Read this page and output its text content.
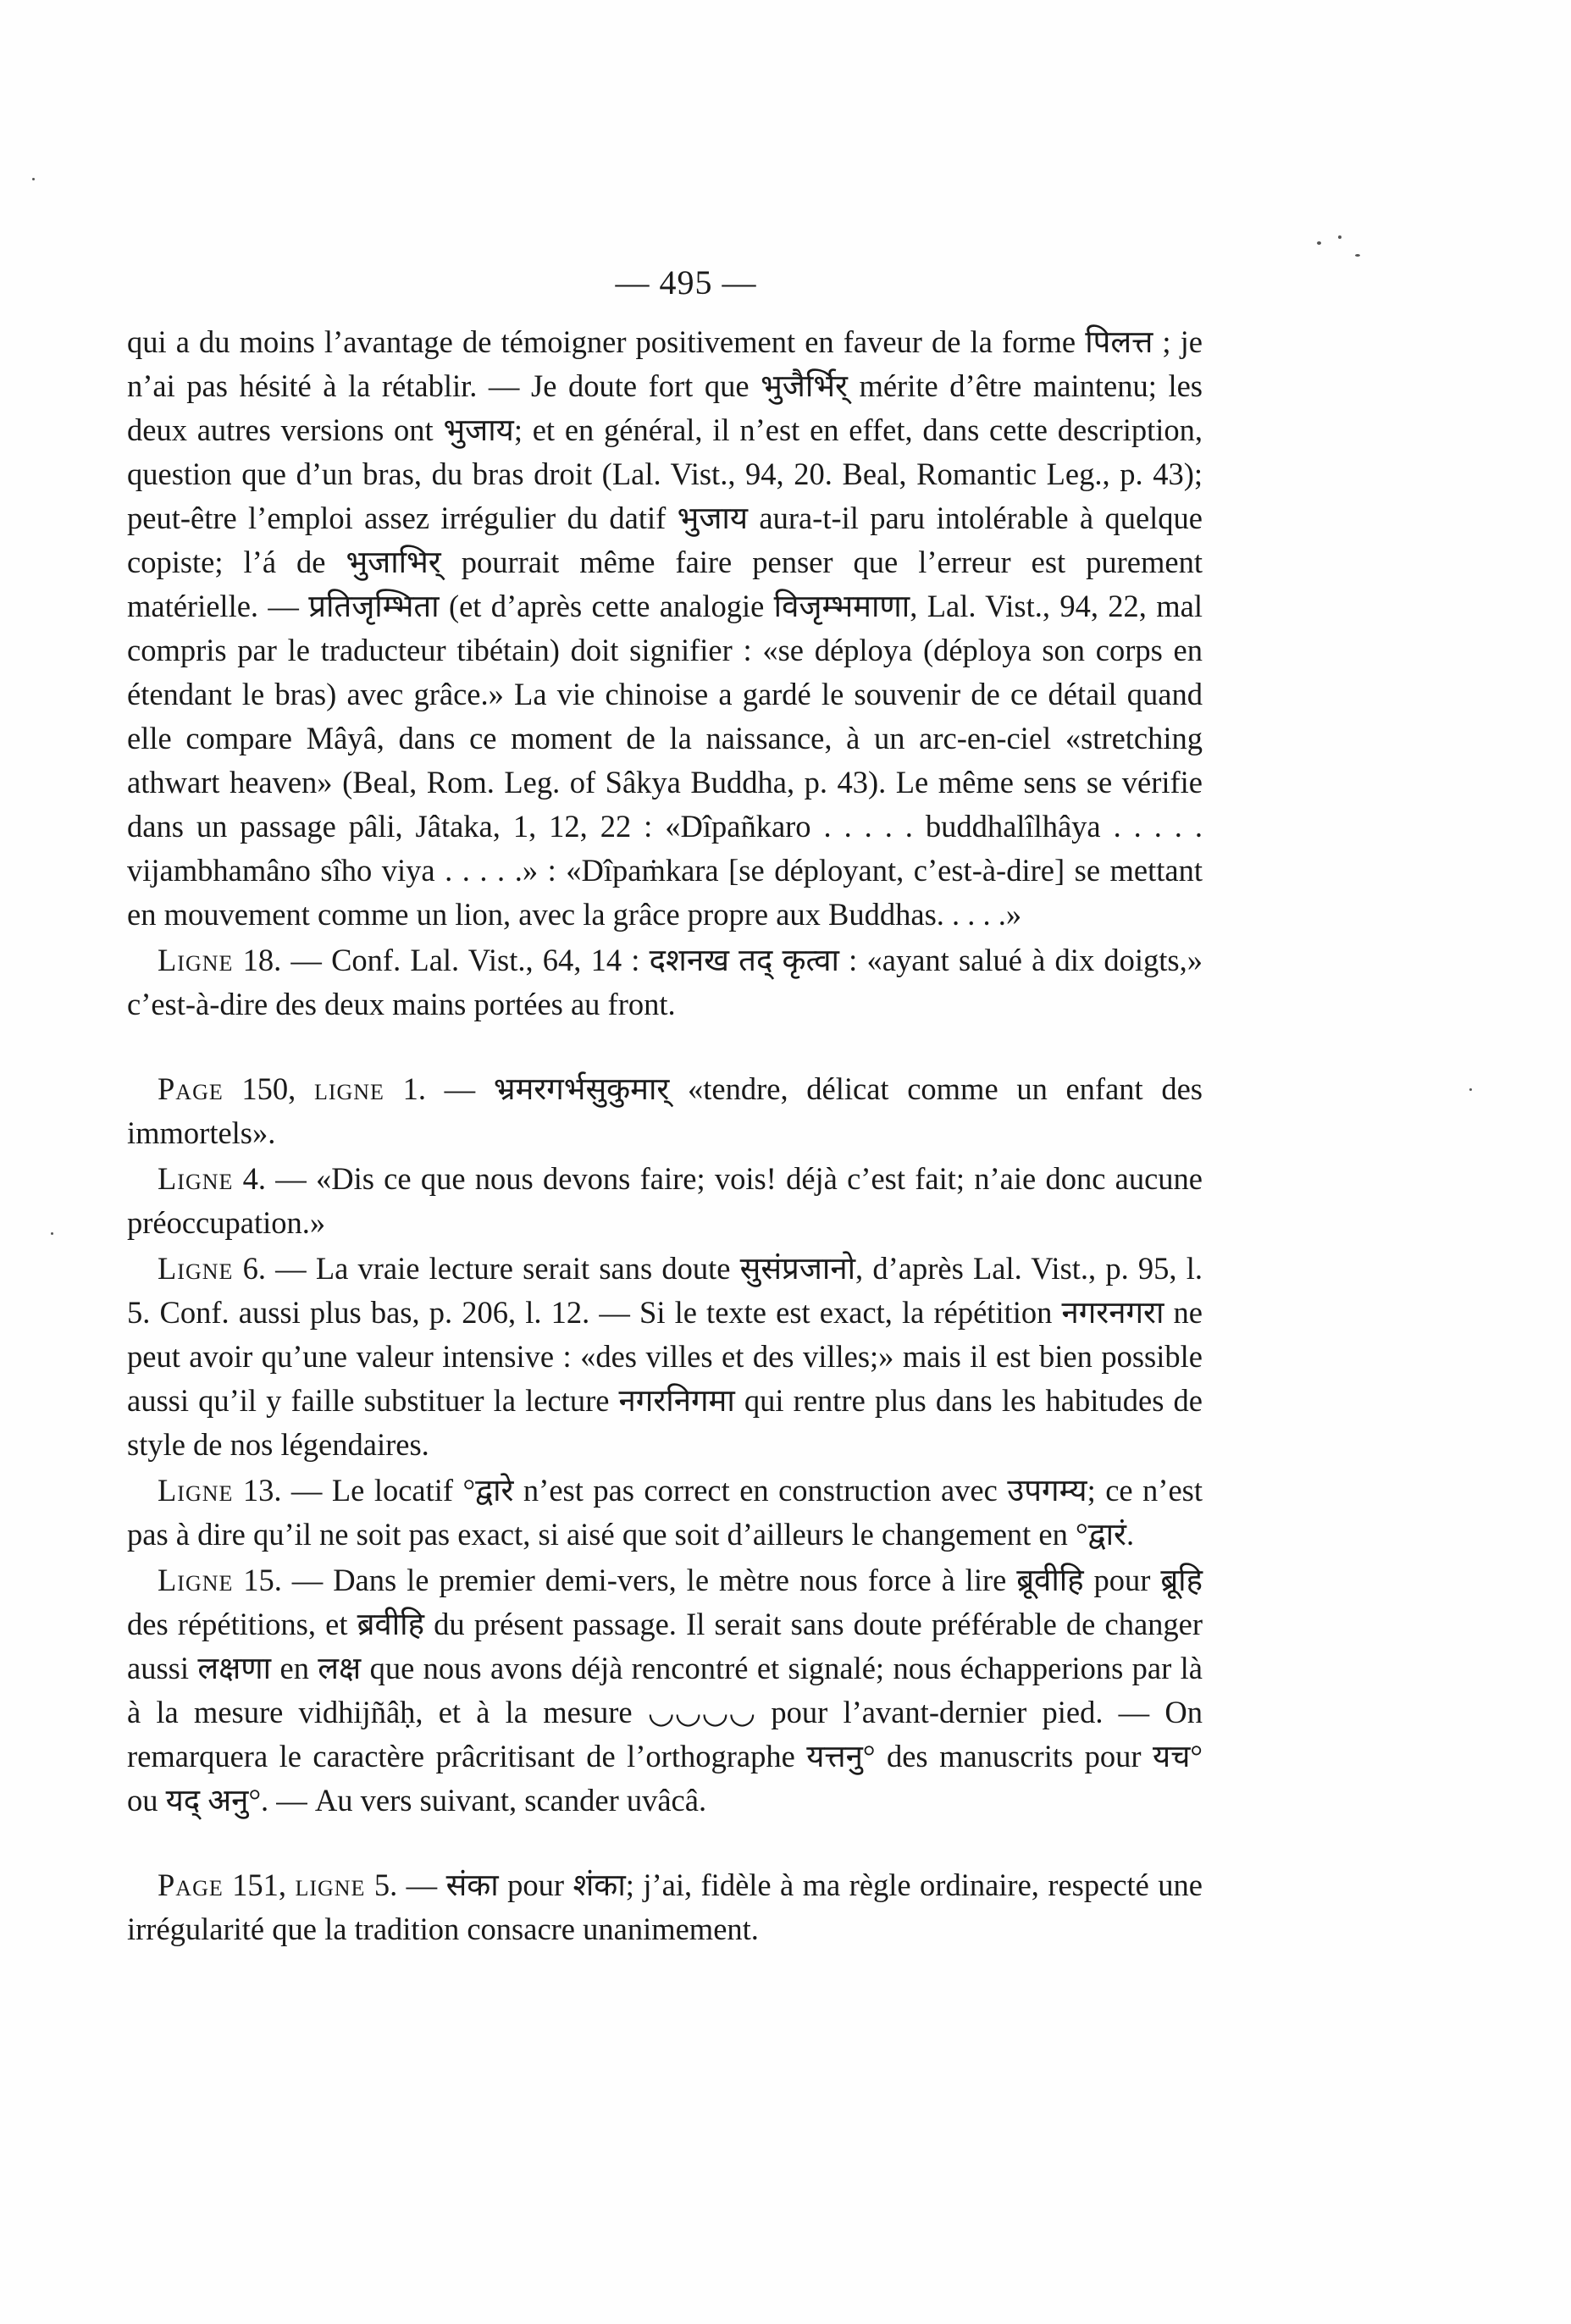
— 495 —

qui a du moins l’avantage de témoigner positivement en faveur de la forme पिलत्त ; je n’ai pas hésité à la rétablir. — Je doute fort que भुजैर्भिर् mérite d’être maintenu; les deux autres versions ont भुजाय; et en général, il n’est en effet, dans cette description, question que d’un bras, du bras droit (Lal. Vist., 94, 20. Beal, Romantic Leg., p. 43); peut-être l’emploi assez irrégulier du datif भुजाय aura-t-il paru intolérable à quelque copiste; l’á de भुजाभिर् pourrait même faire penser que l’erreur est purement matérielle. — प्रतिजृम्भिता (et d’après cette analogie विजृम्भमाणा, Lal. Vist., 94, 22, mal compris par le traducteur tibétain) doit signifier : «se déploya (déploya son corps en étendant le bras) avec grâce.» La vie chinoise a gardé le souvenir de ce détail quand elle compare Mâyâ, dans ce moment de la naissance, à un arc-en-ciel «stretching athwart heaven» (Beal, Rom. Leg. of Sâkya Buddha, p. 43). Le même sens se vérifie dans un passage pâli, Jâtaka, 1, 12, 22 : «Dîpañkaro . . . . . buddhalîlhâya . . . . . vijambhamâno sîho viya . . . . .» : «Dîpaṁkara [se déployant, c’est-à-dire] se mettant en mouvement comme un lion, avec la grâce propre aux Buddhas. . . . .»

Ligne 18. — Conf. Lal. Vist., 64, 14 : दशनख तद् कृत्वा : «ayant salué à dix doigts,» c’est-à-dire des deux mains portées au front.

Page 150, ligne 1. — भ्रमरगर्भसुकुमार् «tendre, délicat comme un enfant des immortels».

Ligne 4. — «Dis ce que nous devons faire; vois! déjà c’est fait; n’aie donc aucune préoccupation.»

Ligne 6. — La vraie lecture serait sans doute सुसंप्रजानो, d’après Lal. Vist., p. 95, l. 5. Conf. aussi plus bas, p. 206, l. 12. — Si le texte est exact, la répétition नगरनगरा ne peut avoir qu’une valeur intensive : «des villes et des villes;» mais il est bien possible aussi qu’il y faille substituer la lecture नगरनिगमा qui rentre plus dans les habitudes de style de nos légendaires.

Ligne 13. — Le locatif °द्वारे n’est pas correct en construction avec उपगम्य; ce n’est pas à dire qu’il ne soit pas exact, si aisé que soit d’ailleurs le changement en °द्वारं.

Ligne 15. — Dans le premier demi-vers, le mètre nous force à lire ब्रूवीहि pour ब्रूहि des répétitions, et ब्रवीहि du présent passage. Il serait sans doute préférable de changer aussi लक्षणा en लक्ष que nous avons déjà rencontré et signalé; nous échapperions par là à la mesure vidhijñâḥ, et à la mesure ◡◡◡◡ pour l’avant-dernier pied. — On remarquera le caractère prâcritisant de l’orthographe यत्तनु° des manuscrits pour यच° ou यद् अनु°. — Au vers suivant, scander uvâcâ.

Page 151, ligne 5. — संका pour शंका; j’ai, fidèle à ma règle ordinaire, respecté une irrégularité que la tradition consacre unanimement.
